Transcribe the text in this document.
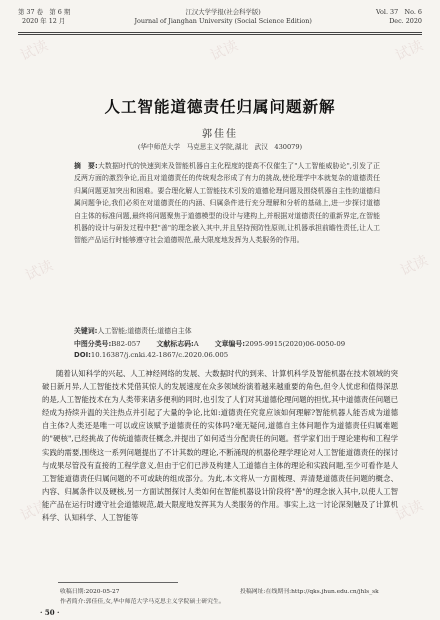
第 37 卷　第 6 期
2020 年 12 月
江汉大学学报(社会科学版)
Journal of Jianghan University (Social Science Edition)
Vol. 37　No. 6
Dec. 2020
人工智能道德责任归属问题新解
郭佳佳
(华中师范大学　马克思主义学院,湖北　武汉　430079)
摘　要:大数据时代的快速到来及智能机器自主化程度的提高不仅催生了"人工智能威胁论",引发了正反两方面的激烈争论,而且对道德责任的传统观念形成了有力的挑战,使伦理学中本就复杂的道德责任归属问题更加突出和困难。要合理化解人工智能技术引发的道德伦理问题及围绕机器自主性的道德归属问题争论,我们必须在对道德责任的内涵、归属条件进行充分理解和分析的基础上,进一步探讨道德自主体的标准问题,最终将问题聚焦于道德模型的设计与建构上,并根据对道德责任的重新界定,在智能机器的设计与研发过程中把"善"的理念嵌入其中,并且坚持预防性原则,让机器承担前瞻性责任,让人工智能产品运行时能够遵守社会道德规范,最大限度地发挥为人类服务的作用。
关键词:人工智能;道德责任;道德自主体
中图分类号:B82-057 文献标志码:A 文章编号:2095-9915(2020)06-0050-09
DOI:10.16387/j.cnki.42-1867/c.2020.06.005
随着认知科学的兴起、人工神经网络的发展、大数据时代的到来、计算机科学及智能机器在技术领域的突破日新月异,人工智能技术凭借其惊人的发展速度在众多领域纷演着越来越重要的角色,但令人忧虑和值得深思的是,人工智能技术在为人类带来诸多便利的同时,也引发了人们对其道德伦理问题的担忧,其中道德责任问题已经成为持续升温的关注热点并引起了大量的争论,比如:道德责任究竟应该如何理解?智能机器人能否成为道德自主体?人类还是唯一可以或应该赋予道德责任的实体吗?毫无疑问,道德自主体问题作为道德责任归属难题的"硬核",已经挑战了传统道德责任概念,并提出了如何适当分配责任的问题。哲学家们出于理论建构和工程学实践的需要,围绕这一系列问题提出了不计其数的理论,不断涌现的机器伦理学理论对人工智能道德责任的探讨与成果尽管没有直接的工程学意义,但由于它们已涉及构建人工道德自主体的理论和实践问题,至少可看作是人工智能道德责任归属问题的不可或缺的组成部分。为此,本文将从一方面梳理、弄清楚道德责任问题的概念、内容、归属条件以及硬核,另一方面试图探讨人类如何在智能机器设计阶段将"善"的理念嵌入其中,以使人工智能产品在运行时遵守社会道德规范,最大限度地发挥其为人类服务的作用。事实上,这一讨论深刻触及了计算机科学、认知科学、人工智能等
收稿日期:2020-05-27	投稿网址:在线期刊:http://qks.jhun.edu.cn/jhls_sk
作者简介:郭佳佳,女,华中师范大学马克思主义学院硕士研究生。
· 50 ·
试读	试读	试读
试读	试读
试读	试读
